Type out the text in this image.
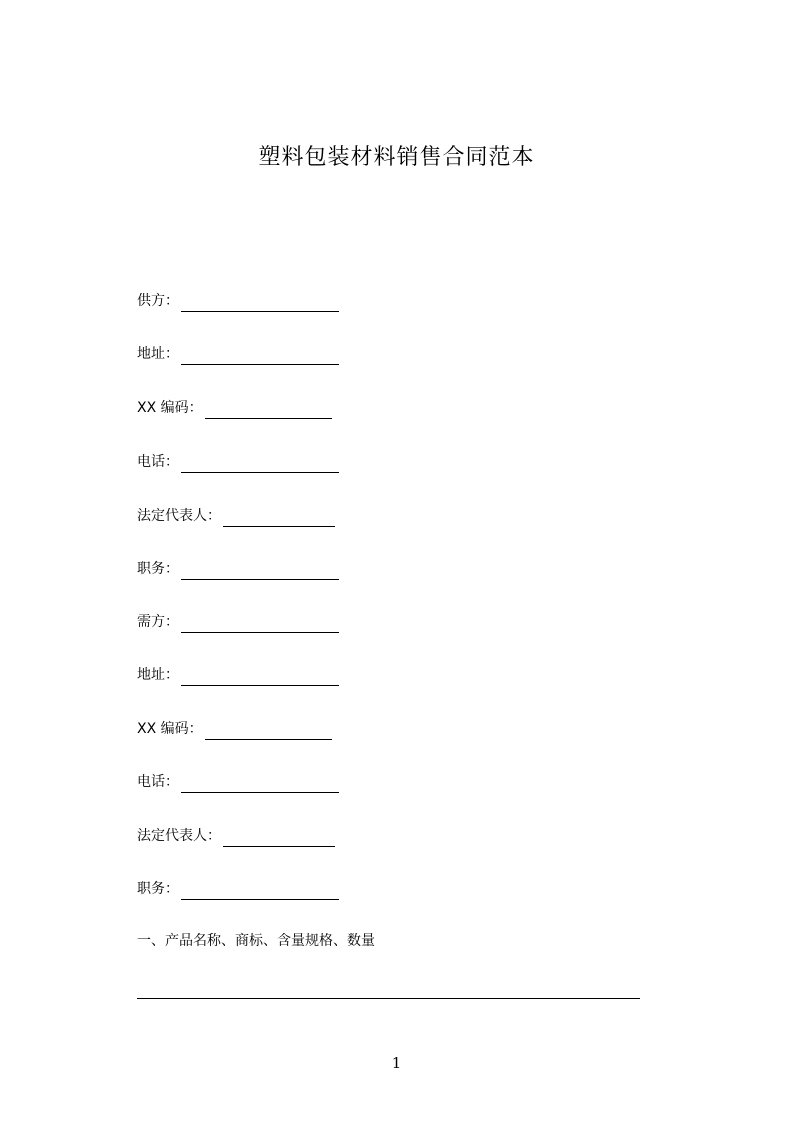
塑料包装材料销售合同范本
供方：
地址：
XX 编码：
电话：
法定代表人：
职务：
需方：
地址：
XX 编码：
电话：
法定代表人：
职务：
一、产品名称、商标、含量规格、数量
1
